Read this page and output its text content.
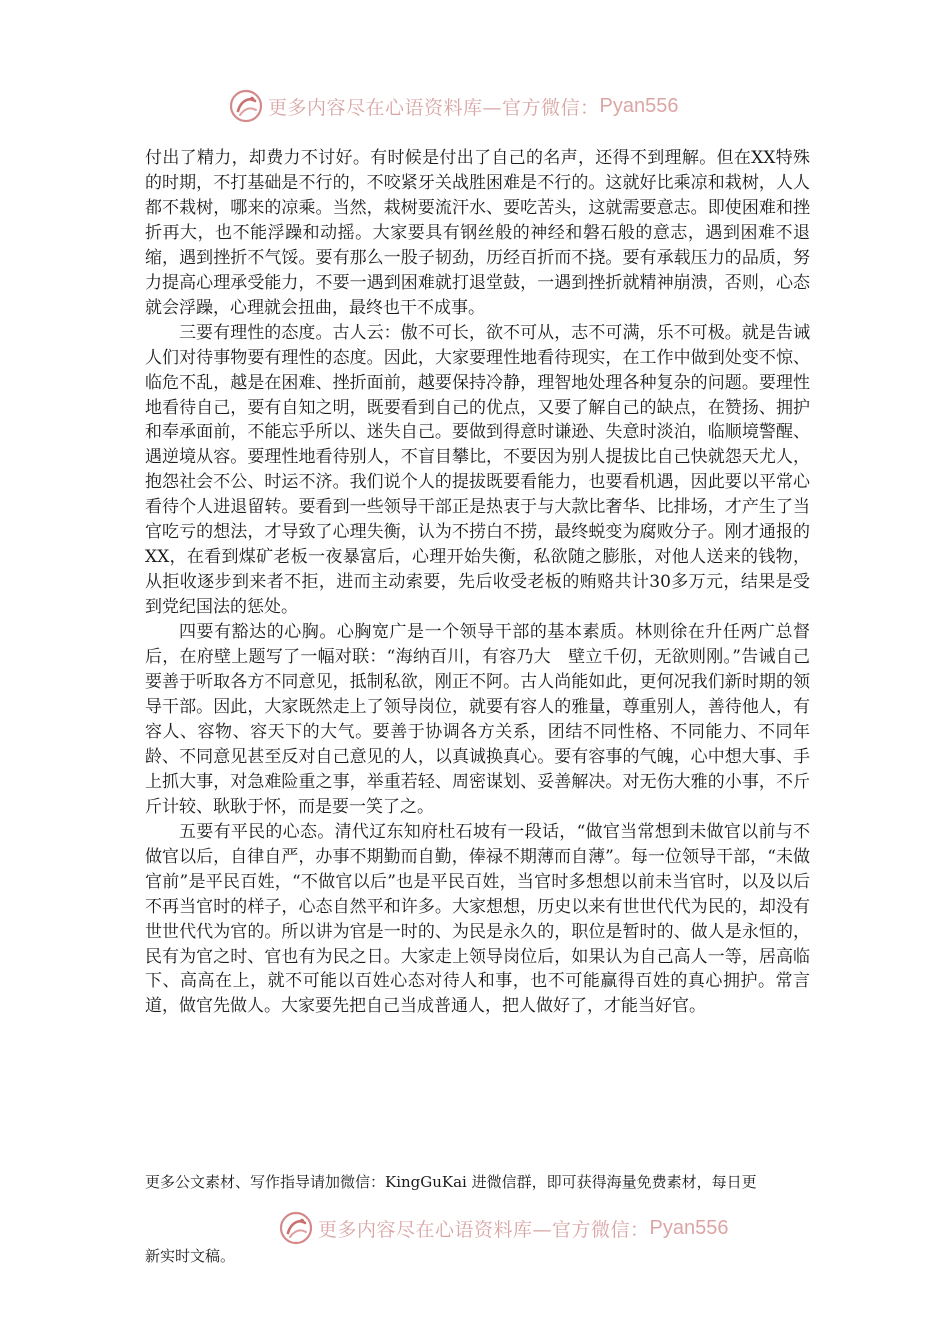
更多内容尽在心语资料库—官方微信： Pyan556

付出了精力，却费力不讨好。有时候是付出了自己的名声，还得不到理解。但在XX特殊的时期，不打基础是不行的，不咬紧牙关战胜困难是不行的。这就好比乘凉和栽树，人人都不栽树，哪来的凉乘。当然，栽树要流汗水、要吃苦头，这就需要意志。即使困难和挫折再大，也不能浮躁和动摇。大家要具有钢丝般的神经和磐石般的意志，遇到困难不退缩，遇到挫折不气馁。要有那么一股子韧劲，历经百折而不挠。要有承载压力的品质，努力提高心理承受能力，不要一遇到困难就打退堂鼓，一遇到挫折就精神崩溃，否则，心态就会浮躁，心理就会扭曲，最终也干不成事。

三要有理性的态度。古人云：傲不可长，欲不可从，志不可满，乐不可极。就是告诫人们对待事物要有理性的态度。因此，大家要理性地看待现实，在工作中做到处变不惊、临危不乱，越是在困难、挫折面前，越要保持冷静，理智地处理各种复杂的问题。要理性地看待自己，要有自知之明，既要看到自己的优点，又要了解自己的缺点，在赞扬、拥护和奉承面前，不能忘乎所以、迷失自己。要做到得意时谦逊、失意时淡泊，临顺境警醒、遇逆境从容。要理性地看待别人，不盲目攀比，不要因为别人提拔比自己快就怨天尤人，抱怨社会不公、时运不济。我们说个人的提拔既要看能力，也要看机遇，因此要以平常心看待个人进退留转。要看到一些领导干部正是热衷于与大款比奢华、比排场，才产生了当官吃亏的想法，才导致了心理失衡，认为不捞白不捞，最终蜕变为腐败分子。刚才通报的XX，在看到煤矿老板一夜暴富后，心理开始失衡，私欲随之膨胀，对他人送来的钱物，从拒收逐步到来者不拒，进而主动索要，先后收受老板的贿赂共计30多万元，结果是受到党纪国法的惩处。

四要有豁达的心胸。心胸宽广是一个领导干部的基本素质。林则徐在升任两广总督后，在府壁上题写了一幅对联：“海纳百川，有容乃大　壁立千仞，无欲则刚。”告诫自己要善于听取各方不同意见，抵制私欲，刚正不阿。古人尚能如此，更何况我们新时期的领导干部。因此，大家既然走上了领导岗位，就要有容人的雅量，尊重别人，善待他人，有容人、容物、容天下的大气。要善于协调各方关系，团结不同性格、不同能力、不同年龄、不同意见甚至反对自己意见的人，以真诚换真心。要有容事的气魄，心中想大事、手上抓大事，对急难险重之事，举重若轻、周密谋划、妥善解决。对无伤大雅的小事，不斤斤计较、耿耿于怀，而是要一笑了之。

五要有平民的心态。清代辽东知府杜石坡有一段话，“做官当常想到未做官以前与不做官以后，自律自严，办事不期勤而自勤，俸禄不期薄而自薄”。每一位领导干部，“未做官前”是平民百姓，“不做官以后”也是平民百姓，当官时多想想以前未当官时，以及以后不再当官时的样子，心态自然平和许多。大家想想，历史以来有世世代代为民的，却没有世世代代为官的。所以讲为官是一时的、为民是永久的，职位是暂时的、做人是永恒的，民有为官之时、官也有为民之日。大家走上领导岗位后，如果认为自己高人一等，居高临下、高高在上，就不可能以百姓心态对待人和事，也不可能赢得百姓的真心拥护。常言道，做官先做人。大家要先把自己当成普通人，把人做好了，才能当好官。

更多公文素材、写作指导请加微信：KingGuKai 进微信群，即可获得海量免费素材，每日更
更多内容尽在心语资料库—官方微信： Pyan556
新实时文稿。
